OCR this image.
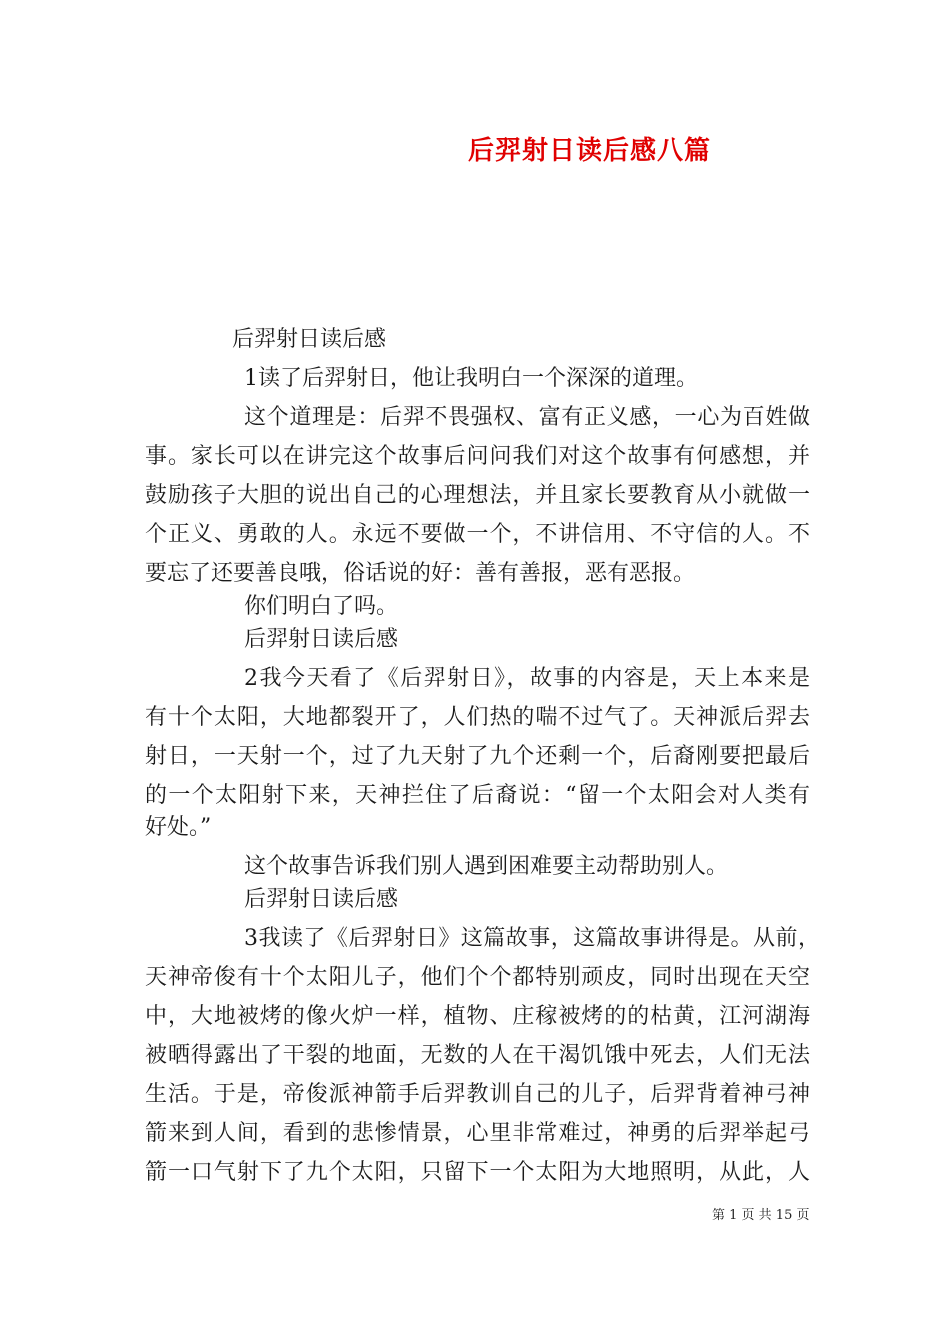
后羿射日读后感八篇
后羿射日读后感
1读了后羿射日，他让我明白一个深深的道理。
这个道理是：后羿不畏强权、富有正义感，一心为百姓做
事。家长可以在讲完这个故事后问问我们对这个故事有何感想，并
鼓励孩子大胆的说出自己的心理想法，并且家长要教育从小就做一
个正义、勇敢的人。永远不要做一个，不讲信用、不守信的人。不
要忘了还要善良哦，俗话说的好：善有善报，恶有恶报。
你们明白了吗。
后羿射日读后感
2我今天看了《后羿射日》，故事的内容是，天上本来是
有十个太阳，大地都裂开了，人们热的喘不过气了。天神派后羿去
射日，一天射一个，过了九天射了九个还剩一个，后裔刚要把最后
的一个太阳射下来，天神拦住了后裔说：“留一个太阳会对人类有
好处。”
这个故事告诉我们别人遇到困难要主动帮助别人。
后羿射日读后感
3我读了《后羿射日》这篇故事，这篇故事讲得是。从前，
天神帝俊有十个太阳儿子，他们个个都特别顽皮，同时出现在天空
中，大地被烤的像火炉一样，植物、庄稼被烤的的枯黄，江河湖海
被晒得露出了干裂的地面，无数的人在干渴饥饿中死去，人们无法
生活。于是，帝俊派神箭手后羿教训自己的儿子，后羿背着神弓神
箭来到人间，看到的悲惨情景，心里非常难过，神勇的后羿举起弓
箭一口气射下了九个太阳，只留下一个太阳为大地照明，从此，人
第 1 页 共 15 页
